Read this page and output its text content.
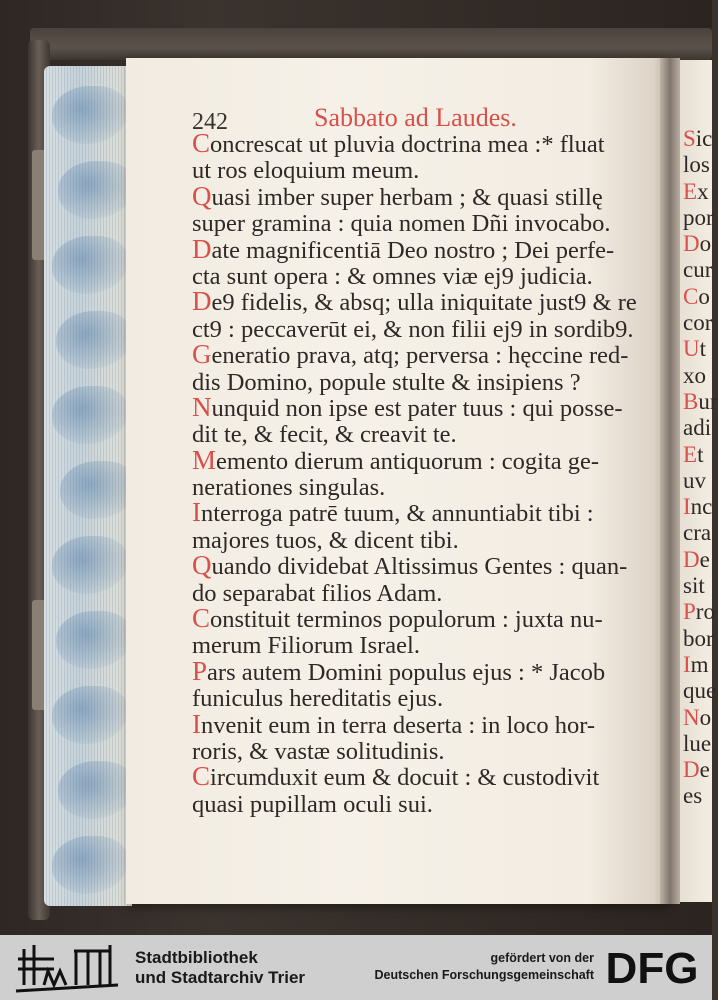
242	Sabbato ad Laudes.
Concrescat ut pluvia doctrina mea :* fluat
ut ros eloquium meum.
Quasi imber super herbam ; & quasi stillę
super gramina : quia nomen Dñi invocabo.
Date magnificentiā Deo nostro ; Dei perfe-
cta sunt opera : & omnes viæ ej9 judicia.
De9 fidelis, & absq; ulla iniquitate just9 & re
ct9 : peccaverūt ei, & non filii ej9 in sordib9.
Generatio prava, atq; perversa : hęccine red-
dis Domino, popule stulte & insipiens ?
Nunquid non ipse est pater tuus : qui posse-
dit te, & fecit, & creavit te.
Memento dierum antiquorum : cogita ge-
nerationes singulas.
Interroga patrē tuum, & annuntiabit tibi :
majores tuos, & dicent tibi.
Quando dividebat Altissimus Gentes : quan-
do separabat filios Adam.
Constituit terminos populorum : juxta nu-
merum Filiorum Israel.
Pars autem Domini populus ejus : * Jacob
funiculus hereditatis ejus.
Invenit eum in terra deserta : in loco hor-
roris, & vastæ solitudinis.
Circumduxit eum & docuit : & custodivit
quasi pupillam oculi sui.
Sic
los
Ex
por
Do
cur
Co
cor
Ut
xo
Bur
adi
Et
uv
Inc
cra
De
sit
Pro
bor
Im
que
No
lue
De
es
Stadtbibliothek
und Stadtarchiv Trier
gefördert von der
Deutschen Forschungsgemeinschaft DFG
